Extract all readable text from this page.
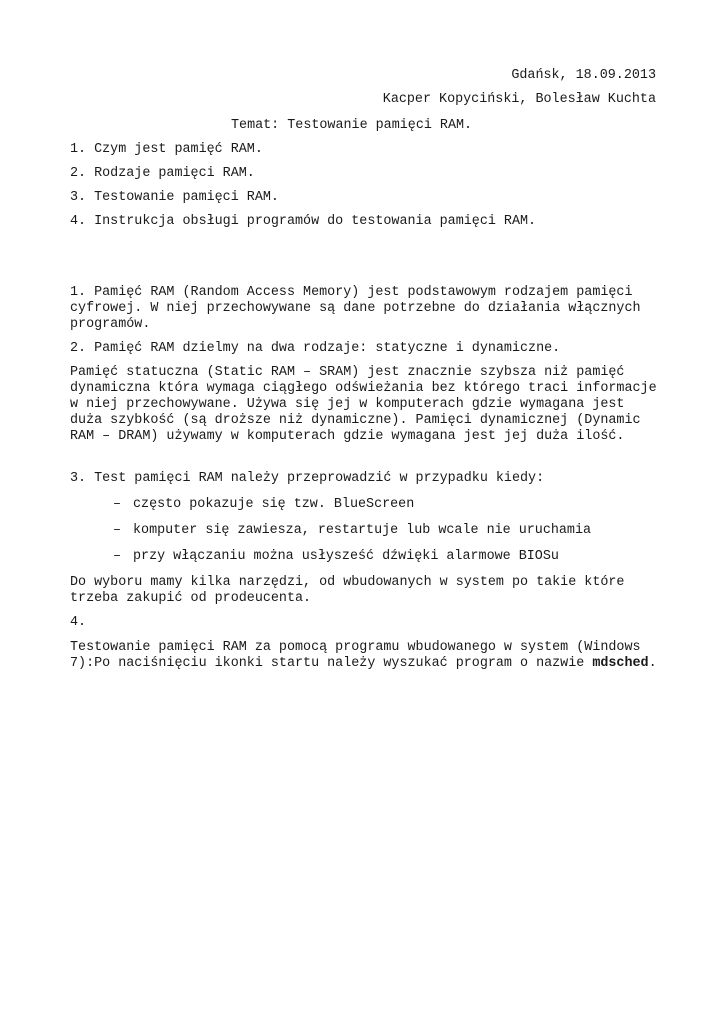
Gdańsk, 18.09.2013
Kacper Kopyciński, Bolesław Kuchta
Temat: Testowanie pamięci RAM.
1. Czym jest pamięć RAM.
2. Rodzaje pamięci RAM.
3. Testowanie pamięci RAM.
4. Instrukcja obsługi programów do testowania pamięci RAM.
1. Pamięć RAM (Random Access Memory) jest podstawowym rodzajem pamięci cyfrowej. W niej przechowywane są dane potrzebne do działania włącznych programów.
2. Pamięć RAM dzielmy na dwa rodzaje: statyczne i dynamiczne.
Pamięć statuczna (Static RAM – SRAM) jest znacznie szybsza niż pamięć dynamiczna która wymaga ciągłego odświeżania bez którego traci informacje w niej przechowywane. Używa się jej w komputerach gdzie wymagana jest duża szybkość (są droższe niż dynamiczne). Pamięci dynamicznej (Dynamic RAM – DRAM) używamy w komputerach gdzie wymagana jest jej duża ilość.
3. Test pamięci RAM należy przeprowadzić w przypadku kiedy:
– często pokazuje się tzw. BlueScreen
– komputer się zawiesza, restartuje lub wcale nie uruchamia
– przy włączaniu można usłysześć dźwięki alarmowe BIOSu
Do wyboru mamy kilka narzędzi, od wbudowanych w system po takie które trzeba zakupić od prodeucenta.
4.
Testowanie pamięci RAM za pomocą programu wbudowanego w system (Windows 7):Po naciśnięciu ikonki startu należy wyszukać program o nazwie mdsched.
